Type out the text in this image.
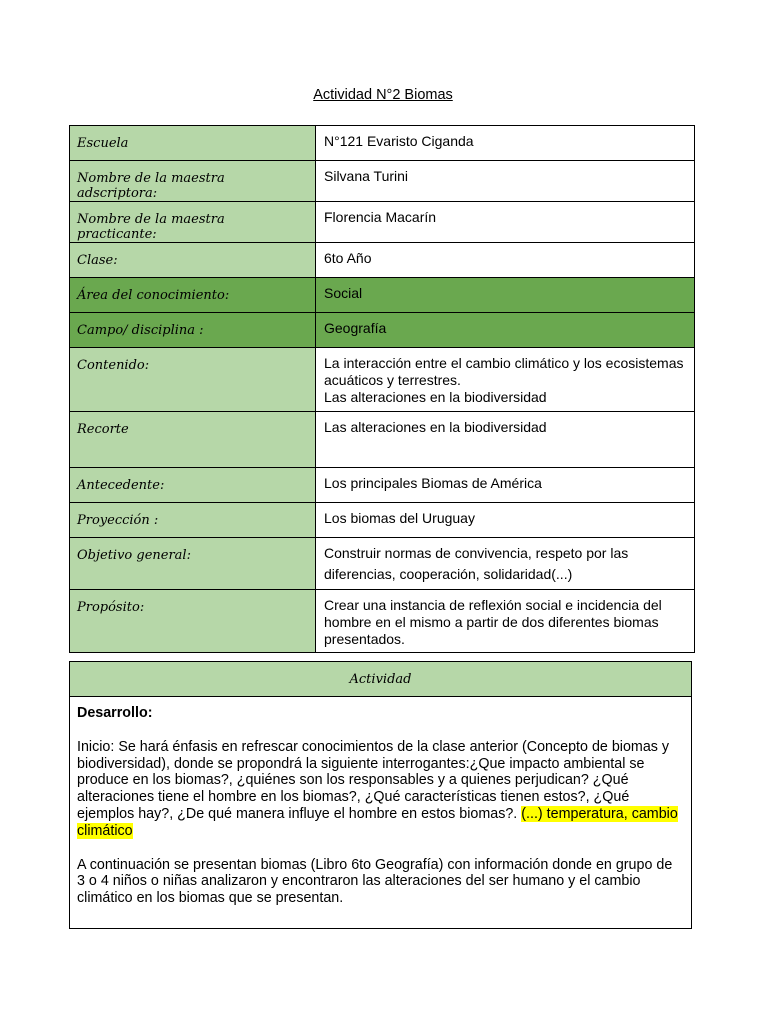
Actividad N°2 Biomas
Escuela	N°121 Evaristo Ciganda
Nombre de la maestra adscriptora:	Silvana Turini
Nombre de la maestra practicante:	Florencia Macarín
Clase:	6to Año
Área del conocimiento:	Social
Campo/ disciplina :	Geografía
Contenido:	La interacción entre el cambio climático y los ecosistemas acuáticos y terrestres.
Las alteraciones en la biodiversidad

Recorte	Las alteraciones en la biodiversidad
Antecedente:	Los principales Biomas de América
Proyección :	Los biomas del Uruguay
Objetivo general:	Construir normas de convivencia, respeto por las diferencias, cooperación, solidaridad(...)
Propósito:	Crear una instancia de reflexión social e incidencia del hombre en el mismo a partir de dos diferentes biomas presentados.
Actividad

Desarrollo:

Inicio: Se hará énfasis en refrescar conocimientos de la clase anterior (Concepto de biomas y biodiversidad), donde se propondrá la siguiente interrogantes:¿Que impacto ambiental se produce en los biomas?, ¿quiénes son los responsables y a quienes perjudican? ¿Qué alteraciones tiene el hombre en los biomas?, ¿Qué características tienen estos?, ¿Qué ejemplos hay?, ¿De qué manera influye el hombre en estos biomas?. (...) temperatura, cambio climático

A continuación se presentan biomas (Libro 6to Geografía) con información donde en grupo de 3 o 4 niños o niñas analizaron y encontraron las alteraciones del ser humano y el cambio climático en los biomas que se presentan.
